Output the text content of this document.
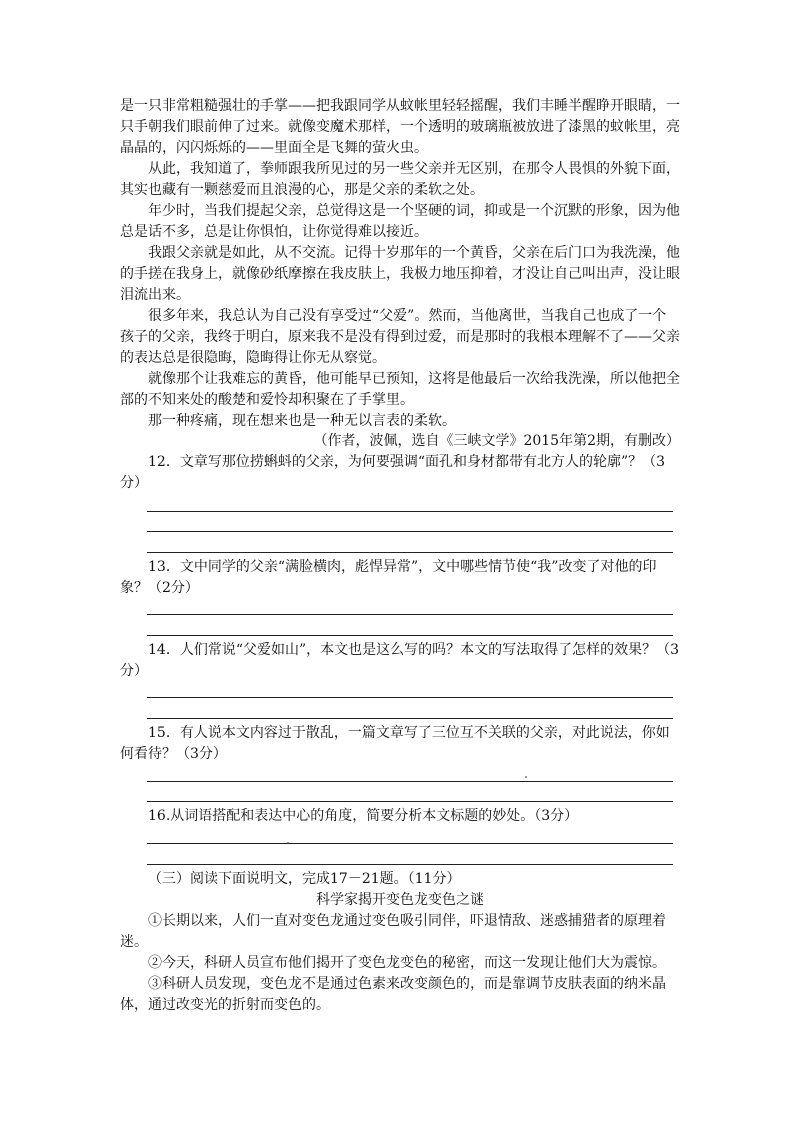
是一只非常粗糙强壮的手掌——把我跟同学从蚊帐里轻轻摇醒，我们丰睡半醒睁开眼睛，一只手朝我们眼前伸了过来。就像变魔术那样，一个透明的玻璃瓶被放进了漆黑的蚊帐里，亮晶晶的，闪闪烁烁的——里面全是飞舞的萤火虫。

从此，我知道了，拳师跟我所见过的另一些父亲并无区别，在那令人畏惧的外貌下面，其实也藏有一颗慈爱而且浪漫的心，那是父亲的柔软之处。

年少时，当我们提起父亲，总觉得这是一个坚硬的词，抑或是一个沉默的形象，因为他总是话不多，总是让你惧怕，让你觉得难以接近。

我跟父亲就是如此，从不交流。记得十岁那年的一个黄昏，父亲在后门口为我洗澡，他的手搓在我身上，就像砂纸摩擦在我皮肤上，我极力地压抑着，才没让自己叫出声，没让眼泪流出来。

很多年来，我总认为自己没有享受过“父爱”。然而，当他离世，当我自己也成了一个孩子的父亲，我终于明白，原来我不是没有得到过爱，而是那时的我根本理解不了——父亲的表达总是很隐晦，隐晦得让你无从察觉。

就像那个让我难忘的黄昏，他可能早已预知，这将是他最后一次给我洗澡，所以他把全部的不知来处的酸楚和爱怜却积聚在了手掌里。

那一种疼痛，现在想来也是一种无以言表的柔软。

（作者，波佩，选自《三峡文学》2015年第2期，有删改）

12．文章写那位捞蝌蚪的父亲，为何要强调“面孔和身材都带有北方人的轮廓”？（3分）

13．文中同学的父亲“满脸横肉，彪悍异常”，文中哪些情节使“我”改变了对他的印象？（2分）

14．人们常说“父爱如山”，本文也是这么写的吗？本文的写法取得了怎样的效果？（3分）

15．有人说本文内容过于散乱，一篇文章写了三位互不关联的父亲，对此说法，你如何看待？（3分）

16.从词语搭配和表达中心的角度，简要分析本文标题的妙处。（3分）

（三）阅读下面说明文，完成17－21题。（11分）

科学家揭开变色龙变色之谜

①长期以来，人们一直对变色龙通过变色吸引同伴，吓退情敌、迷惑捕猎者的原理着迷。

②今天，科研人员宣布他们揭开了变色龙变色的秘密，而这一发现让他们大为震惊。

③科研人员发现，变色龙不是通过色素来改变颜色的，而是靠调节皮肤表面的纳米晶体，通过改变光的折射而变色的。
